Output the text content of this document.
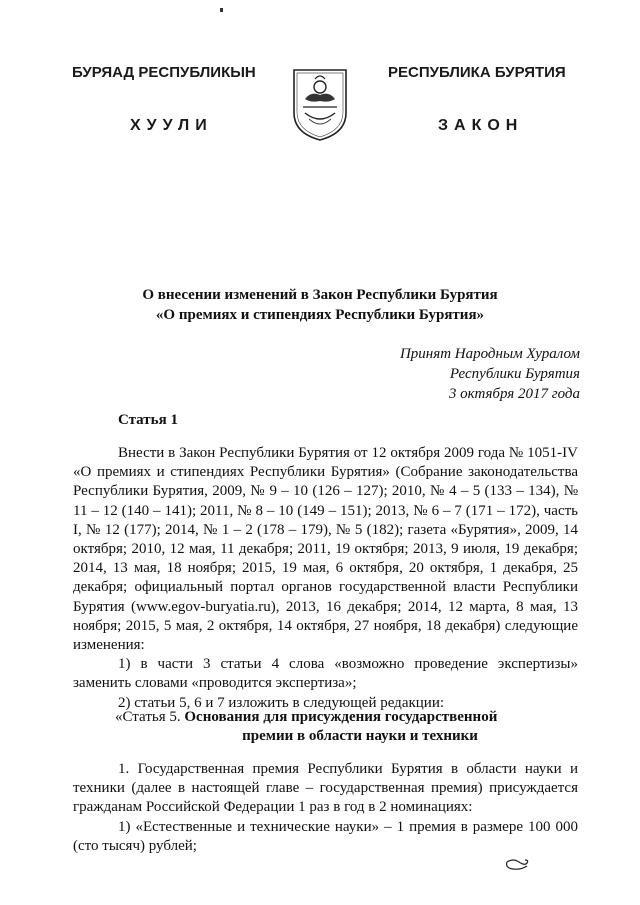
БУРЯАД РЕСПУБЛИКЫН
ХУУЛИ
РЕСПУБЛИКА БУРЯТИЯ
ЗАКОН
О внесении изменений в Закон Республики Бурятия
«О премиях и стипендиях Республики Бурятия»
Принят Народным Хуралом
Республики Бурятия
3 октября 2017 года
Статья 1

Внести в Закон Республики Бурятия от 12 октября 2009 года № 1051-IV «О премиях и стипендиях Республики Бурятия» (Собрание законодательства Республики Бурятия, 2009, № 9 – 10 (126 – 127); 2010, № 4 – 5 (133 – 134), № 11 – 12 (140 – 141); 2011, № 8 – 10 (149 – 151); 2013, № 6 – 7 (171 – 172), часть I, № 12 (177); 2014, № 1 – 2 (178 – 179), № 5 (182); газета «Бурятия», 2009, 14 октября; 2010, 12 мая, 11 декабря; 2011, 19 октября; 2013, 9 июля, 19 декабря; 2014, 13 мая, 18 ноября; 2015, 19 мая, 6 октября, 20 октября, 1 декабря, 25 декабря; официальный портал органов государственной власти Республики Бурятия (www.egov-buryatia.ru), 2013, 16 декабря; 2014, 12 марта, 8 мая, 13 ноября; 2015, 5 мая, 2 октября, 14 октября, 27 ноября, 18 декабря) следующие изменения:

1) в части 3 статьи 4 слова «возможно проведение экспертизы» заменить словами «проводится экспертиза»;

2) статьи 5, 6 и 7 изложить в следующей редакции:

«Статья 5. Основания для присуждения государственной
премии в области науки и техники

1. Государственная премия Республики Бурятия в области науки и техники (далее в настоящей главе – государственная премия) присуждается гражданам Российской Федерации 1 раз в год в 2 номинациях:

1) «Естественные и технические науки» – 1 премия в размере 100 000 (сто тысяч) рублей;
